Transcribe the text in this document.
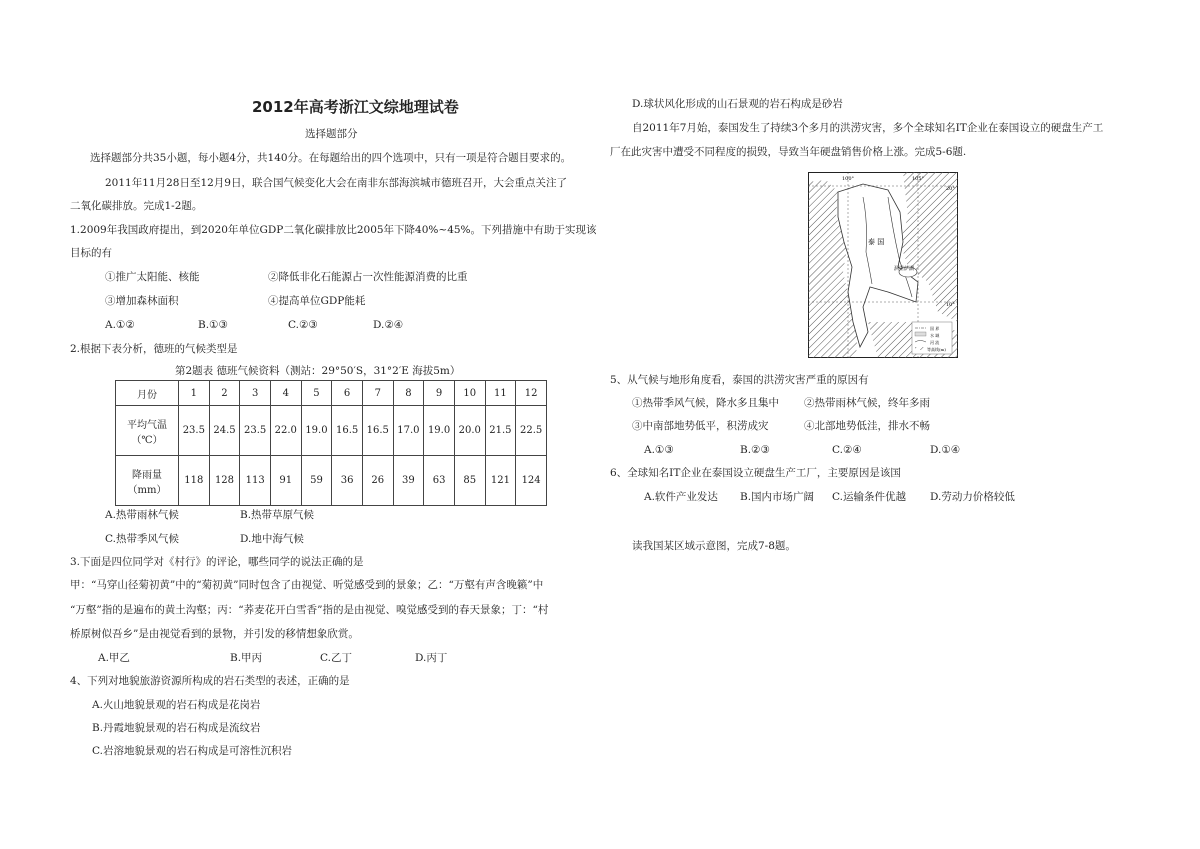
2012年高考浙江文综地理试卷
选择题部分
选择题部分共35小题，每小题4分，共140分。在每题给出的四个选项中，只有一项是符合题目要求的。
2011年11月28日至12月9日，联合国气候变化大会在南非东部海滨城市德班召开，大会重点关注了
二氧化碳排放。完成1-2题。
1.2009年我国政府提出，到2020年单位GDP二氧化碳排放比2005年下降40%~45%。下列措施中有助于实现该
目标的有
①推广太阳能、核能	②降低非化石能源占一次性能源消费的比重
③增加森林面积	④提高单位GDP能耗
A.①②	B.①③	C.②③	D.②④
2.根据下表分析，德班的气候类型是
第2题表 德班气候资料（测站：29°50′S，31°2′E 海拔5m）
月份	1	2	3	4	5	6	7	8	9	10	11	12

平均气温
（℃）	23.5	24.5	23.5	22.0	19.0	16.5	16.5	17.0	19.0	20.0	21.5	22.5

降雨量
（mm）	118	128	113	91	59	36	26	39	63	85	121	124
A.热带雨林气候	B.热带草原气候
C.热带季风气候	D.地中海气候
3.下面是四位同学对《村行》的评论，哪些同学的说法正确的是
甲：“马穿山径菊初黄”中的“菊初黄”同时包含了由视觉、听觉感受到的景象；乙：“万壑有声含晚籁”中
“万壑”指的是遍布的黄土沟壑；丙：“荞麦花开白雪香”指的是由视觉、嗅觉感受到的春天景象；丁：“村
桥原树似吾乡”是由视觉看到的景物，并引发的移情想象欣赏。
A.甲乙	B.甲丙	C.乙丁	D.丙丁
4、下列对地貌旅游资源所构成的岩石类型的表述，正确的是
A.火山地貌景观的岩石构成是花岗岩
B.丹霞地貌景观的岩石构成是流纹岩
C.岩溶地貌景观的岩石构成是可溶性沉积岩
D.球状风化形成的山石景观的岩石构成是砂岩
自2011年7月始，泰国发生了持续3个多月的洪涝灾害，多个全球知名IT企业在泰国设立的硬盘生产工
厂在此灾害中遭受不同程度的损毁，导致当年硬盘销售价格上涨。完成5-6题.
100°	105°
20°
10°
泰 国
洞里萨湖
国 界
水 域
河 流
等高线(m)
5、从气候与地形角度看，泰国的洪涝灾害严重的原因有
①热带季风气候，降水多且集中 ②热带雨林气候，终年多雨
③中南部地势低平，积涝成灾	④北部地势低洼，排水不畅
A.①③	B.②③	C.②④	D.①④
6、全球知名IT企业在泰国设立硬盘生产工厂，主要原因是该国
A.软件产业发达 B.国内市场广阔 C.运输条件优越 D.劳动力价格较低
读我国某区域示意图，完成7-8题。
